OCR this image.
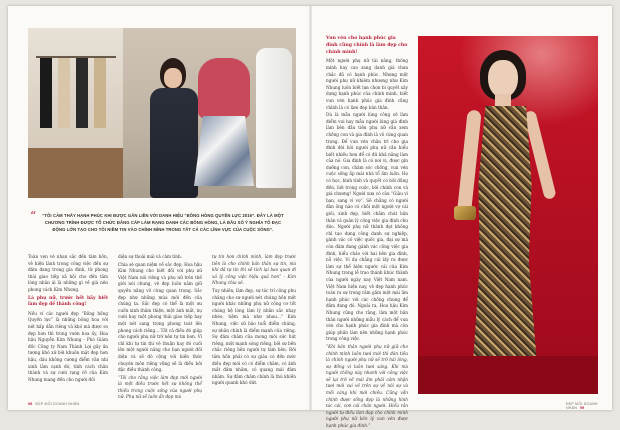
“	“TÔI CẢM THẤY HẠNH PHÚC KHI ĐƯỢC GẮN LIỀN VỚI DANH HIỆU “BÔNG HỒNG QUYỀN LỰC 2016”. ĐÂY LÀ MỘT CHƯƠNG TRÌNH ĐƯỢC TỔ CHỨC ĐẲNG CẤP LÀM RẠNG DANH CÁC BÔNG HỒNG, LÀ ĐẦU SỐ Ý NGHĨA TÔ ĐẠC ĐỘNG LỚN TẠO CHO TÔI NIỀM TIN VÀO CHÍNH MÌNH TRONG TẤT CẢ CÁC LĨNH VỰC CỦA CUỘC SỐNG”.
Toàn vẹn vẻ nhan sắc đến tâm hồn, vẻ hiện lành trong công việc đến sự đảm đang trong gia đình, từ phong thái giao tiếp xã hội cho đến tâm lòng nhân ái là những gì về giá nên phong cách Kim Nhung.
Là phụ nữ, trước hết hãy biết làm đẹp để thành công!
Nếu ví các người đẹp “Bông hồng Quyền lực” là những bông hoa với nét hấp dẫn riêng và khó mà được so đẹp hơn thì trong vườn hoa ấy, Hoa hậu Nguyễn Kim Nhung - Phó Giám đốc Công ty Nam Thành Lợi gây ấn tượng khó xử bởi khuôn mặt đẹp hơn hậu, dáu không cương điểm văn nhi xinh lắm cạnh đó, tính cách chân thành và sự cười rạng rỡ của Kim Nhung mang đến cho người đối
diện sự thoải mái và cảm tình.
Chia sẻ quan niệm về sắc đẹp, Hoa hậu Kim Nhung cho biết đối với phụ nữ Việt Nam nói riêng và phụ nữ trên thế giới nói chung, vẻ đẹp luôn nằm giữ quyền năng vô cùng quan trọng. Sắc đẹp như những mùa mới đến của chúng ta. Sắc đẹp có thể là một ưu cuốn xinh thâm thiện, một ánh mắt, nụ cười hay một phong thái giao tiếp hay một nét sang trọng phong toát lên phong cách riêng... Tất cả điều đó giúp cho người phụ nữ trở nên tự tin hơn. Vì chỉ khi tự tin thì vẻ thuận hay đó cuối lên một người năng cho bạn người đối diện và sẽ đó cộng với kiến thức chuyên môn riêng vững sẽ là điều bởi đặc điều thành công.
“Tôi cho rằng việc làm đẹp mới người là một điều trước hết sự không thể thiếu trong cuộc sống của người phụ nữ. Phụ nữ sẽ luôn ẩn đẹp mà
tự tin hơn chính mình, làm đẹp trước tiên là cho chính bản thân sự tin, mà khi đã tự tin thì sẽ tích lại bao quan đi xả lý công việc hiệu quả hơn” - Kim Nhung chia sẻ.
Tuy nhiên, làm đẹp, sự tác trí công phu chăng cho sư người nét chúng hồn một người khác những phụ nữ công cơ tốt chúng hệ lòng làm lý nhân sắc nhạy nhéo, tiệm mà như nhau..." Kim Nhung, việc sử bảo tuổi điểm chúng, sự nhân chính là điểm mạnh của riêng. Sự đảm chăm của mong mỏi sức hút riêng, một mạnh sóng riêng, bởi sự bền chắc riêng bên người tự tâm bên. Bởi tâm hồn phải có sự giàu có đến mức điều đẹp mới có có điểm chăm, có ảnh mắt đảm nhăm, có quang mái đảm nhăm. Sự đảm chăm chính là thú khiến người quanh khó dứt.
Vun vén cho hạnh phúc gia đình cũng chính là làm đẹp cho chính mình!
Một người phụ nữ tài năng, thông minh hay cao sang danh giá chưa chắc đã có hạnh phúc. Nhưng một người phụ nữ khiêm nhượng như Kim Nhung luôn biết lựa chọn bí quyết xây dựng hạnh phúc của chính mình, biết vun vén hạnh phúc gia đình cũng chính là có làm đẹp bản thân.
Dù là mẫu người lúng công sở làm điểm vui hay mẫu người lúng giá đình làm bên đầu tiên phụ nữ vẫn xem chồng con và gia đình là vô cùng quan trọng. Để vun vén chân trì cho gia đình đời hỏi người phụ nữ cần hiểu biết nhiều hơn để có đủ khả năng làm của nó. Gia đình là có nơi vị, được gìn dưỡng con, chăm sóc chồng, vun vén cuộc sống ấp mái nhà tổ ấm luôn. Họ có học, bình tĩnh và quyết có bởi dũng đến, bởi trong cuộc, bởi chính con và giá chương! Người xưa có câu “Giàu vì bạn, sang vì vợ”. Sẽ chẳng có người đàn ông nào có chồi một người vợ cái giỏi, xinh đẹp, biết chăm chút bản thân và quản lý công việc gia đình chu đáo. Người phụ nữ thành đạt không chỉ tạo dựng công danh sự nghiệp, gánh vác có việc quốc gia, đại sự mà còn đảm đang gánh vác công việc gia đình, hiểu chảo với hai bên gia đình, nỗ việc. Ví dụ chẳng cái lấy ra được làm sự thể hiện ngước cái của Kim Nhung trong lễ trao thánh khúc thành của người ngày nay Việt Nam nam. Việt Nam hiện nay, vẻ đẹp hạnh phúc toàn ra sự trong rằm gắm một mái ấm hạnh phúc với các chồng chung để đâm đang đó. Ngoài ra, Hoa hậu Kim Nhung cũng cho rằng, làm một bản thân người những mẫu lý cách để vun vén cho hạnh phúc gia đình mà còn giúp phần làm nên những hạnh phúc trong công việc.
“Khi bản thân người phụ nữ giữ cho chính mình luôn tươi mới thì đàn tiêu là chính người phụ nữ sẽ trở hài lòng, sự đồng vì luôn tươi sáng. Khi mà người chồng này nhanh với công việc sẽ lại trở về mái ấm phải cảm nhận tươi mới vui vẻ trên sự về nói sự và mối cáng khi mới chiều. Cũng vẫn chính được sống đẹp là những hình tác cái, cơn cái chắn người. Hiểu rằn người tự điều làm đẹp cho chính minh người phụ nữ bên lý vun vén được hạnh phúc gia đình.”
98 ĐẸP MỖI DOANH NHÂN	ĐẸP MỖI DOANH NHÂN 99
